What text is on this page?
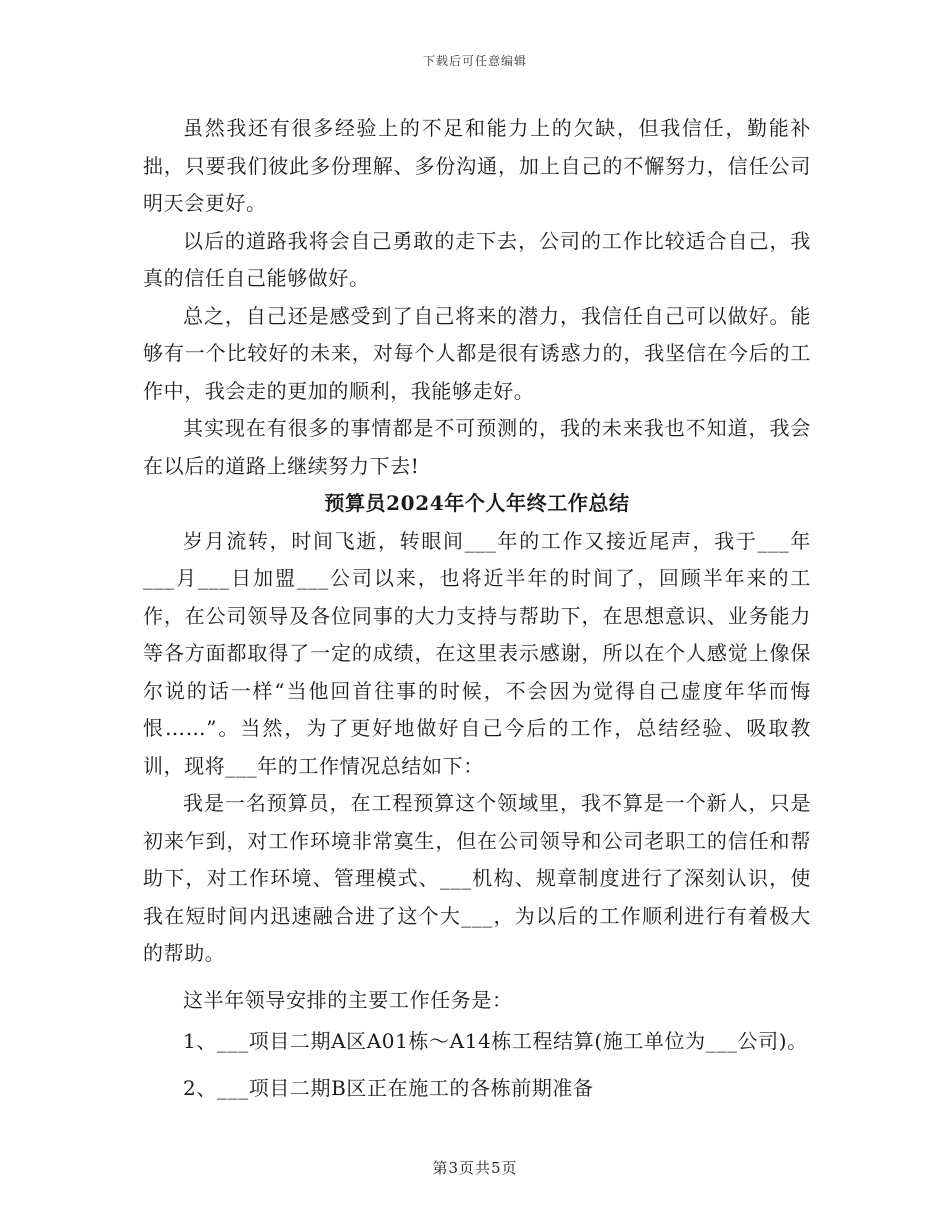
下载后可任意编辑

虽然我还有很多经验上的不足和能力上的欠缺，但我信任，勤能补拙，只要我们彼此多份理解、多份沟通，加上自己的不懈努力，信任公司明天会更好。

以后的道路我将会自己勇敢的走下去，公司的工作比较适合自己，我真的信任自己能够做好。

总之，自己还是感受到了自己将来的潜力，我信任自己可以做好。能够有一个比较好的未来，对每个人都是很有诱惑力的，我坚信在今后的工作中，我会走的更加的顺利，我能够走好。

其实现在有很多的事情都是不可预测的，我的未来我也不知道，我会在以后的道路上继续努力下去!

预算员2024年个人年终工作总结

岁月流转，时间飞逝，转眼间___年的工作又接近尾声，我于___年___月___日加盟___公司以来，也将近半年的时间了，回顾半年来的工作，在公司领导及各位同事的大力支持与帮助下，在思想意识、业务能力等各方面都取得了一定的成绩，在这里表示感谢，所以在个人感觉上像保尔说的话一样“当他回首往事的时候，不会因为觉得自己虚度年华而悔恨……”。当然，为了更好地做好自己今后的工作，总结经验、吸取教训，现将___年的工作情况总结如下：

我是一名预算员，在工程预算这个领域里，我不算是一个新人，只是初来乍到，对工作环境非常寞生，但在公司领导和公司老职工的信任和帮助下，对工作环境、管理模式、___机构、规章制度进行了深刻认识，使我在短时间内迅速融合进了这个大___，为以后的工作顺利进行有着极大的帮助。

这半年领导安排的主要工作任务是：

1、___项目二期A区A01栋～A14栋工程结算(施工单位为___公司)。

2、___项目二期B区正在施工的各栋前期准备

第3页共5页
